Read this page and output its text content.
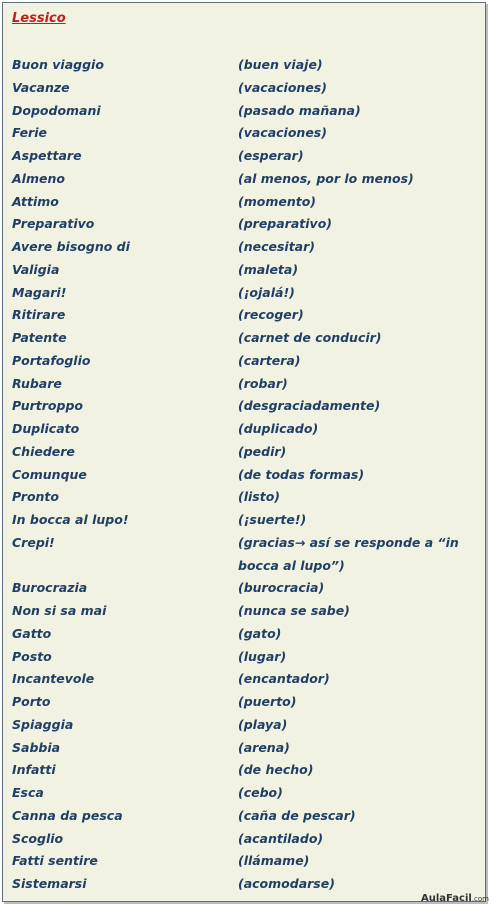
Lessico
Buon viaggio	(buen viaje)
Vacanze	(vacaciones)
Dopodomani	(pasado mañana)
Ferie	(vacaciones)
Aspettare	(esperar)
Almeno	(al menos, por lo menos)
Attimo	(momento)
Preparativo	(preparativo)
Avere bisogno di	(necesitar)
Valigia	(maleta)
Magari!	(¡ojalá!)
Ritirare	(recoger)
Patente	(carnet de conducir)
Portafoglio	(cartera)
Rubare	(robar)
Purtroppo	(desgraciadamente)
Duplicato	(duplicado)
Chiedere	(pedir)
Comunque	(de todas formas)
Pronto	(listo)
In bocca al lupo!	(¡suerte!)
Crepi!	(gracias→ así se responde a “in bocca al lupo”)
Burocrazia	(burocracia)
Non si sa mai	(nunca se sabe)
Gatto	(gato)
Posto	(lugar)
Incantevole	(encantador)
Porto	(puerto)
Spiaggia	(playa)
Sabbia	(arena)
Infatti	(de hecho)
Esca	(cebo)
Canna da pesca	(caña de pescar)
Scoglio	(acantilado)
Fatti sentire	(llámame)
Sistemarsi	(acomodarse)
AulaFacil.com
